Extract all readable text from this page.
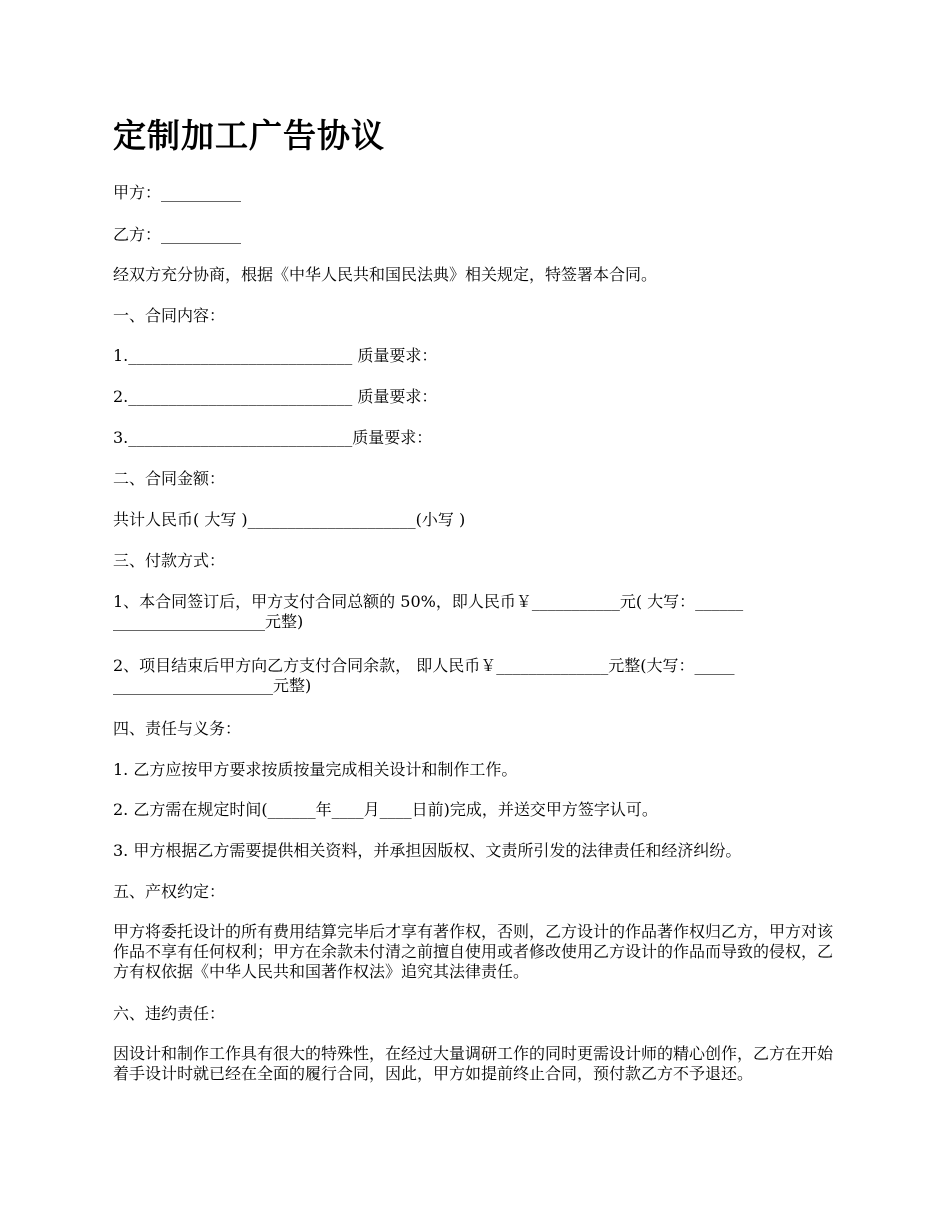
定制加工广告协议

甲方：__________

乙方：__________

经双方充分协商，根据《中华人民共和国民法典》相关规定，特签署本合同。

一、合同内容：

1.____________________________ 质量要求：

2.____________________________ 质量要求：

3.____________________________质量要求：

二、合同金额：

共计人民币( 大写 )_____________________(小写 )

三、付款方式：

1、本合同签订后，甲方支付合同总额的 50%，即人民币￥___________元( 大写：______

___________________元整)

2、项目结束后甲方向乙方支付合同余款， 即人民币￥______________元整(大写：_____

____________________元整)

四、责任与义务：

1. 乙方应按甲方要求按质按量完成相关设计和制作工作。

2. 乙方需在规定时间(______年____月____日前)完成，并送交甲方签字认可。

3. 甲方根据乙方需要提供相关资料，并承担因版权、文责所引发的法律责任和经济纠纷。

五、产权约定：

甲方将委托设计的所有费用结算完毕后才享有著作权，否则，乙方设计的作品著作权归乙方，甲方对该作品不享有任何权利；甲方在余款未付清之前擅自使用或者修改使用乙方设计的作品而导致的侵权，乙方有权依据《中华人民共和国著作权法》追究其法律责任。

六、违约责任：

因设计和制作工作具有很大的特殊性，在经过大量调研工作的同时更需设计师的精心创作，乙方在开始着手设计时就已经在全面的履行合同，因此，甲方如提前终止合同，预付款乙方不予退还。
